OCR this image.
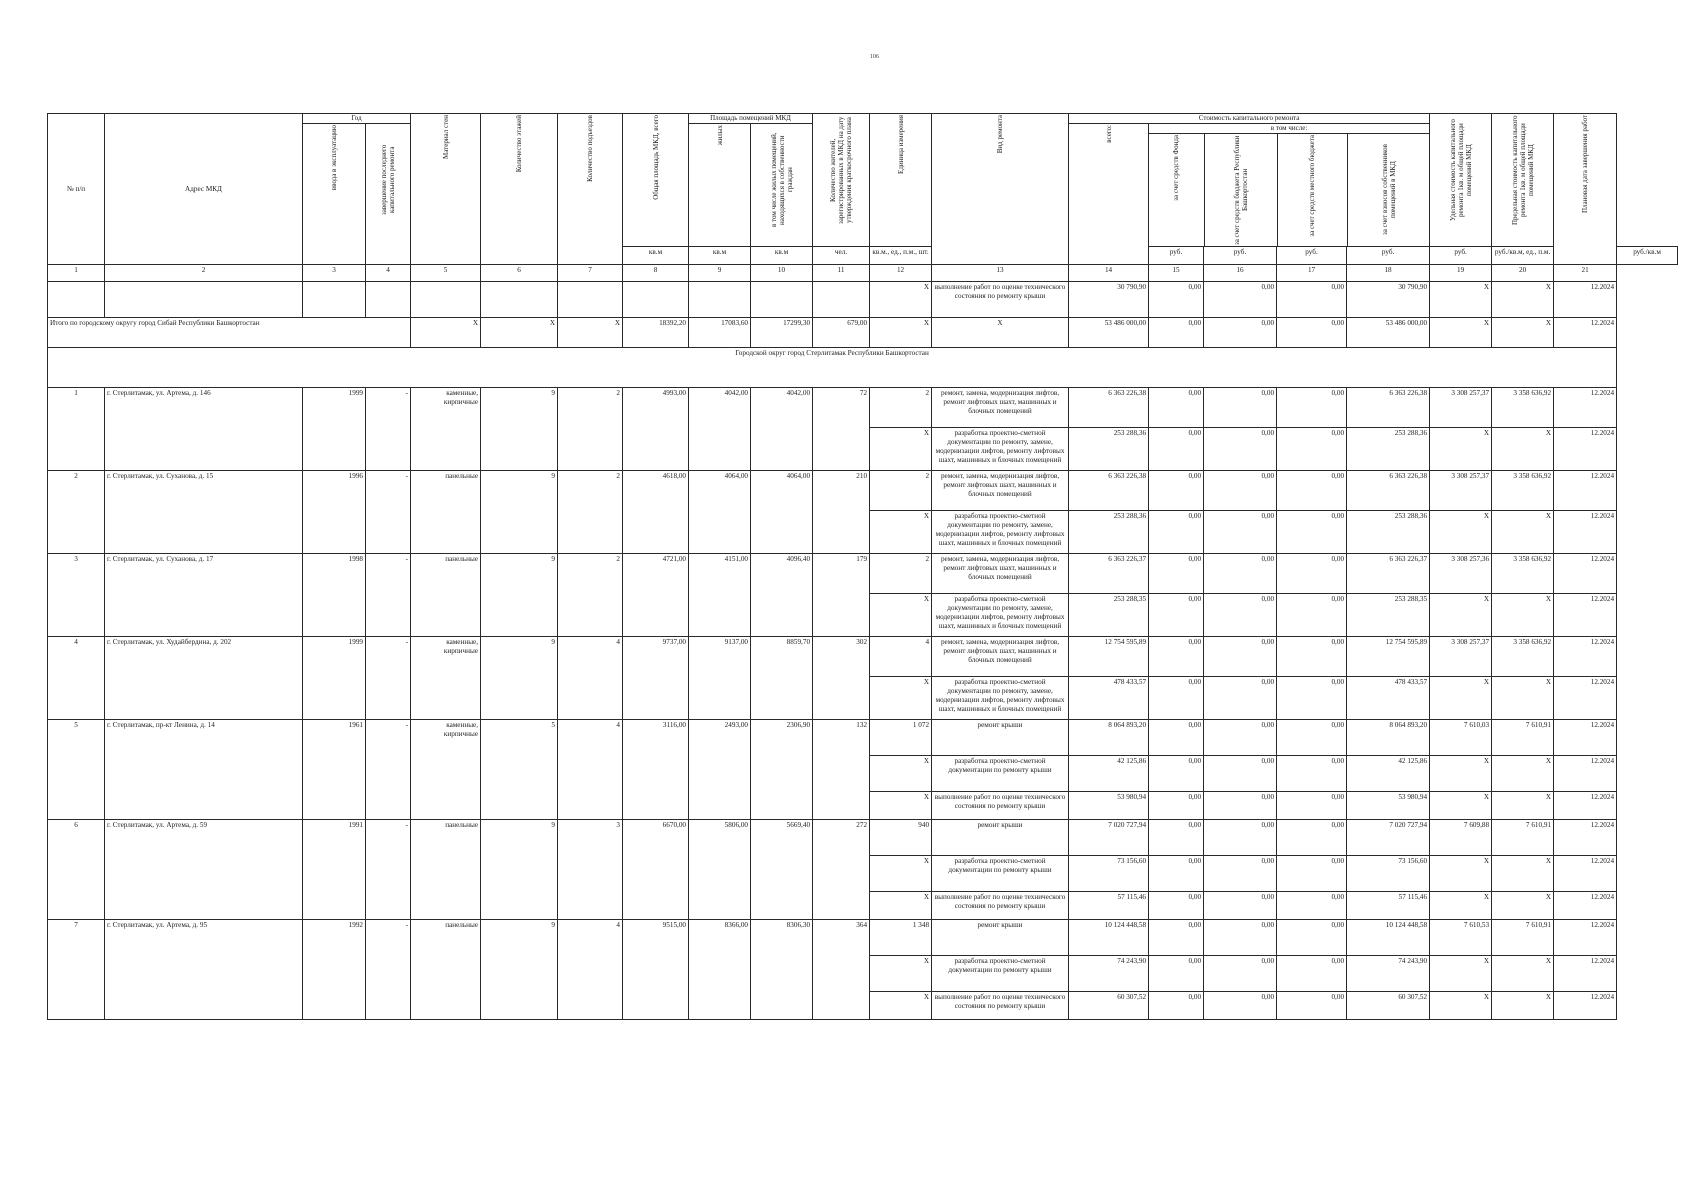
106
№ п/п	Адрес МКД	Год	Материал стен	Количество этажей	Количество подъездов	Общая площадь МКД, всего	Площадь помещений МКД	
Количество жителей, зарегистрированных в МКД на дату утверждения краткосрочного плана	Единица измерения	Вид ремонта	Стоимость капитального ремонта	
Удельная стоимость капитального ремонта 1кв. м общей площади помещений МКД	Предельная стоимость капитального ремонта 1кв. м общей площади помещений МКД	Плановая дата завершения работ

ввода в эксплуатацию	завершение последнего капитального ремонта

жилых	в том числе жилых помещений, находящихся в собственности граждан

всего:	в том числе:
за счет средств Фонда	за счет средств бюджета Республики Башкортостан	за счет средств местного бюджета	за счет взносов собственников помещений в МКД

кв.м	кв.м	кв.м	чел.	кв.м., ед., п.м., шт.	руб.	руб.	руб.	руб.	руб.	руб./кв.м, ед., п.м.	руб./кв.м
1	2	3	4	5	6	7	8	9	10	11	12	13	14	15	16	17	18	19	20	21
											X	выполнение работ по оценке технического состояния по ремонту крыши	30 790,90	0,00	0,00	0,00	30 790,90	X	X	12.2024
Итого по городскому округу город Сибай Республики Башкортостан	X	X	X	18392,20	17083,60	17299,30	679,00	X	X	53 486 000,00	0,00	0,00	0,00	53 486 000,00	X	X	12.2024
Городской округ город Стерлитамак Республики Башкортостан
1	г. Стерлитамак, ул. Артема, д. 146	1999	-	каменные, кирпичные	9	2	4993,00	4042,00	4042,00	72	2	ремонт, замена, модернизация лифтов, ремонт лифтовых шахт, машинных и блочных помещений	6 363 226,38	0,00	0,00	0,00	6 363 226,38	3 308 257,37	3 358 636,92	12.2024
X	разработка проектно-сметной документации по ремонту, замене, модернизации лифтов, ремонту лифтовых шахт, машинных и блочных помещений	253 288,36	0,00	0,00	0,00	253 288,36	X	X	12.2024
2	г. Стерлитамак, ул. Суханова, д. 15	1996	-	панельные	9	2	4618,00	4064,00	4064,00	210	2	ремонт, замена, модернизация лифтов, ремонт лифтовых шахт, машинных и блочных помещений	6 363 226,38	0,00	0,00	0,00	6 363 226,38	3 308 257,37	3 358 636,92	12.2024
X	разработка проектно-сметной документации по ремонту, замене, модернизации лифтов, ремонту лифтовых шахт, машинных и блочных помещений	253 288,36	0,00	0,00	0,00	253 288,36	X	X	12.2024
3	г. Стерлитамак, ул. Суханова, д. 17	1998	-	панельные	9	2	4721,00	4151,00	4096,40	179	2	ремонт, замена, модернизация лифтов, ремонт лифтовых шахт, машинных и блочных помещений	6 363 226,37	0,00	0,00	0,00	6 363 226,37	3 308 257,36	3 358 636,92	12.2024
X	разработка проектно-сметной документации по ремонту, замене, модернизации лифтов, ремонту лифтовых шахт, машинных и блочных помещений	253 288,35	0,00	0,00	0,00	253 288,35	X	X	12.2024
4	г. Стерлитамак, ул. Худайбердина, д. 202	1999	-	каменные, кирпичные	9	4	9737,00	9137,00	8859,70	302	4	ремонт, замена, модернизация лифтов, ремонт лифтовых шахт, машинных и блочных помещений	12 754 595,89	0,00	0,00	0,00	12 754 595,89	3 308 257,37	3 358 636,92	12.2024
X	разработка проектно-сметной документации по ремонту, замене, модернизации лифтов, ремонту лифтовых шахт, машинных и блочных помещений	478 433,57	0,00	0,00	0,00	478 433,57	X	X	12.2024
5	г. Стерлитамак, пр-кт Ленина, д. 14	1961	-	каменные, кирпичные	5	4	3116,00	2493,00	2306,90	132	1 072	ремонт крыши	8 064 893,20	0,00	0,00	0,00	8 064 893,20	7 610,03	7 610,91	12.2024
X	разработка проектно-сметной документации по ремонту крыши	42 125,86	0,00	0,00	0,00	42 125,86	X	X	12.2024
X	выполнение работ по оценке технического состояния по ремонту крыши	53 980,94	0,00	0,00	0,00	53 980,94	X	X	12.2024
6	г. Стерлитамак, ул. Артема, д. 59	1991	-	панельные	9	3	6670,00	5806,00	5669,40	272	940	ремонт крыши	7 020 727,94	0,00	0,00	0,00	7 020 727,94	7 609,88	7 610,91	12.2024
X	разработка проектно-сметной документации по ремонту крыши	73 156,60	0,00	0,00	0,00	73 156,60	X	X	12.2024
X	выполнение работ по оценке технического состояния по ремонту крыши	57 115,46	0,00	0,00	0,00	57 115,46	X	X	12.2024
7	г. Стерлитамак, ул. Артема, д. 95	1992	-	панельные	9	4	9515,00	8366,00	8306,30	364	1 348	ремонт крыши	10 124 448,58	0,00	0,00	0,00	10 124 448,58	7 610,53	7 610,91	12.2024
X	разработка проектно-сметной документации по ремонту крыши	74 243,90	0,00	0,00	0,00	74 243,90	X	X	12.2024
X	выполнение работ по оценке технического состояния по ремонту крыши	60 307,52	0,00	0,00	0,00	60 307,52	X	X	12.2024
